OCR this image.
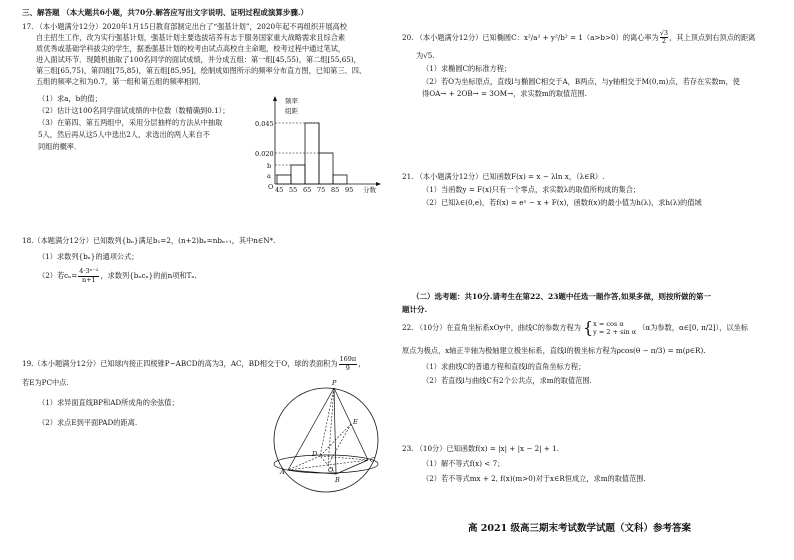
三、解答题 （本大题共6小题，共70分.解答应写出文字说明、证明过程或演算步骤.）
17. （本小题满分12分）2020年1月15日教育部制定出台了“强基计划”，2020年起不再组织开展高校
自主招生工作，改为实行强基计划，强基计划主要选拔培养有志于服务国家重大战略需求且综合素
质优秀或基础学科拔尖的学生，据悉强基计划的校考由试点高校自主命题，校考过程中通过笔试，
进入面试环节．现随机抽取了100名同学的面试成绩，并分成五组：第一组[45,55)，第二组[55,65)，
第三组[65,75)，第四组[75,85)，第五组[85,95]，绘制成如图所示的频率分布直方图，已知第三、四、
五组的频率之和为0.7，第一组和第五组的频率相同．
（1）求a，b的值；
（2）估计这100名同学面试成绩的中位数（数精确到0.1）；
（3）在第四、第五两组中，采用分层抽样的方法从中抽取
5人，然后再从这5人中选出2人，求选出的两人来自不
同组的概率．
频率
组距
0.045
0.020
b
a
O 45 55 65 75 85 95 分数
18.（本题满分12分）已知数列{bₙ}满足b₁=2，(n+2)bₙ=nbₙ₊₁，其中n∈N*.
（1）求数列{bₙ}的通项公式；
（2）若$c_n= \frac{\text{4·3ⁿ⁻²}}{n+1}$ ，求数列{bₙcₙ}的前n项和Tₙ.
19.（本小题满分12分）已知球内接正四棱锥P−ABCD的高为3，AC，BD相交于O，球的表面积为 $\frac{169\pi}{9}$ ，
若E为PC中点.
（1）求异面直线BP和AD所成角的余弦值；
（2）求点E到平面PAD的距离.
P
E
D
O
C
A
B
20. （本小题满分12分）已知椭圆C：x²/a² + y²/b² = 1（a>b>0）的离心率为 $\frac{√3}{2}$ ，其上顶点到右顶点的距离
为√5.
（1）求椭圆C的标准方程；
（2）若O为坐标原点，直线l与椭圆C相交于A，B两点，与y轴相交于M(0,m)点，若存在实数m，使
得OA→ + 2OB→ = 3OM→，求实数m的取值范围.
21. （本小题满分12分）已知函数F(x) = x − λln x，（λ∈R）.
（1）当函数y = F(x)只有一个零点，求实数λ的取值所构成的集合；
（2）已知λ∈(0,e)，若f(x) = eˣ − x + F(x)，函数f(x)的最小值为h(λ)，求h(λ)的值域
（二）选考题：共10分.请考生在第22、23题中任选一题作答,如果多做，则按所做的第一
题计分.
22. （10分）在直角坐标系xOy中，曲线C的参数方程为 { x = cos α
y = 2 + sin α
（α为参数，α∈[0, π/2]），以坐标
原点为极点，x轴正半轴为极轴建立极坐标系，直线l的极坐标方程为ρcos(θ − π/3) = m(ρ∈R).
（1）求曲线C的普通方程和直线l的直角坐标方程；
（2）若直线l与曲线C有2个公共点，求m的取值范围.
23. （10分）已知函数f(x) = |x| + |x − 2| + 1.
（1）解不等式f(x) < 7；
（2）若不等式mx + 2, f(x)(m>0)对于x∈R恒成立，求m的取值范围.
高 2021 级高三期末考试数学试题（文科）参考答案
